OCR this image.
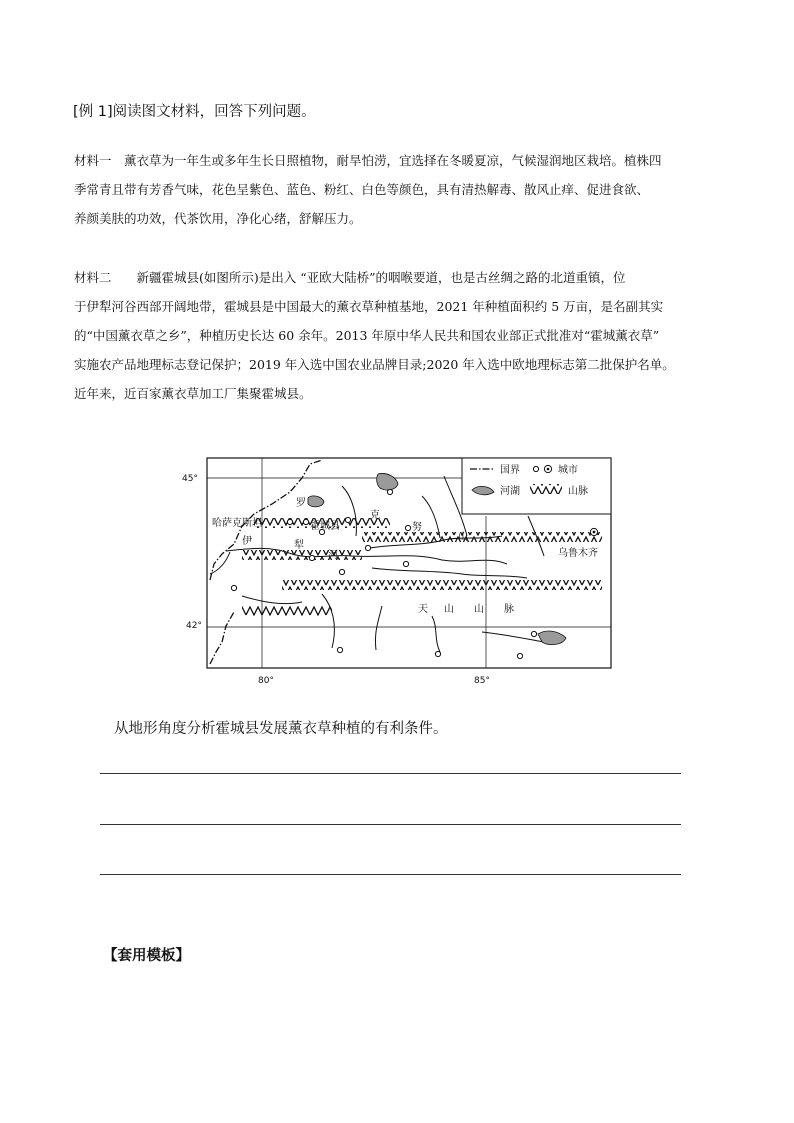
[例 1]阅读图文材料，回答下列问题。
材料一　薰衣草为一年生或多年生长日照植物，耐旱怕涝，宜选择在冬暖夏凉，气候湿润地区栽培。植株四
季常青且带有芳香气味，花色呈紫色、蓝色、粉红、白色等颜色，具有清热解毒、散风止痒、促进食欲、
养颜美肤的功效，代茶饮用，净化心绪，舒解压力。
材料二　　新疆霍城县(如图所示)是出入 “亚欧大陆桥”的咽喉要道，也是古丝绸之路的北道重镇，位
于伊犁河谷西部开阔地带，霍城县是中国最大的薰衣草种植基地，2021 年种植面积约 5 万亩，是名副其实
的“中国薰衣草之乡”，种植历史长达 60 余年。2013 年原中华人民共和国农业部正式批准对“霍城薰衣草”
实施农产品地理标志登记保护；2019 年入选中国农业品牌目录;2020 年入选中欧地理标志第二批保护名单。
近年来，近百家薰衣草加工厂集聚霍城县。
45°
42°
80°	85°
国界	城市
河湖	山脉
罗
哈萨克斯坦	霍城县
克
努
山
伊	犁
河	乌鲁木齐
天 山 山 脉
从地形角度分析霍城县发展薰衣草种植的有利条件。
【套用模板】
